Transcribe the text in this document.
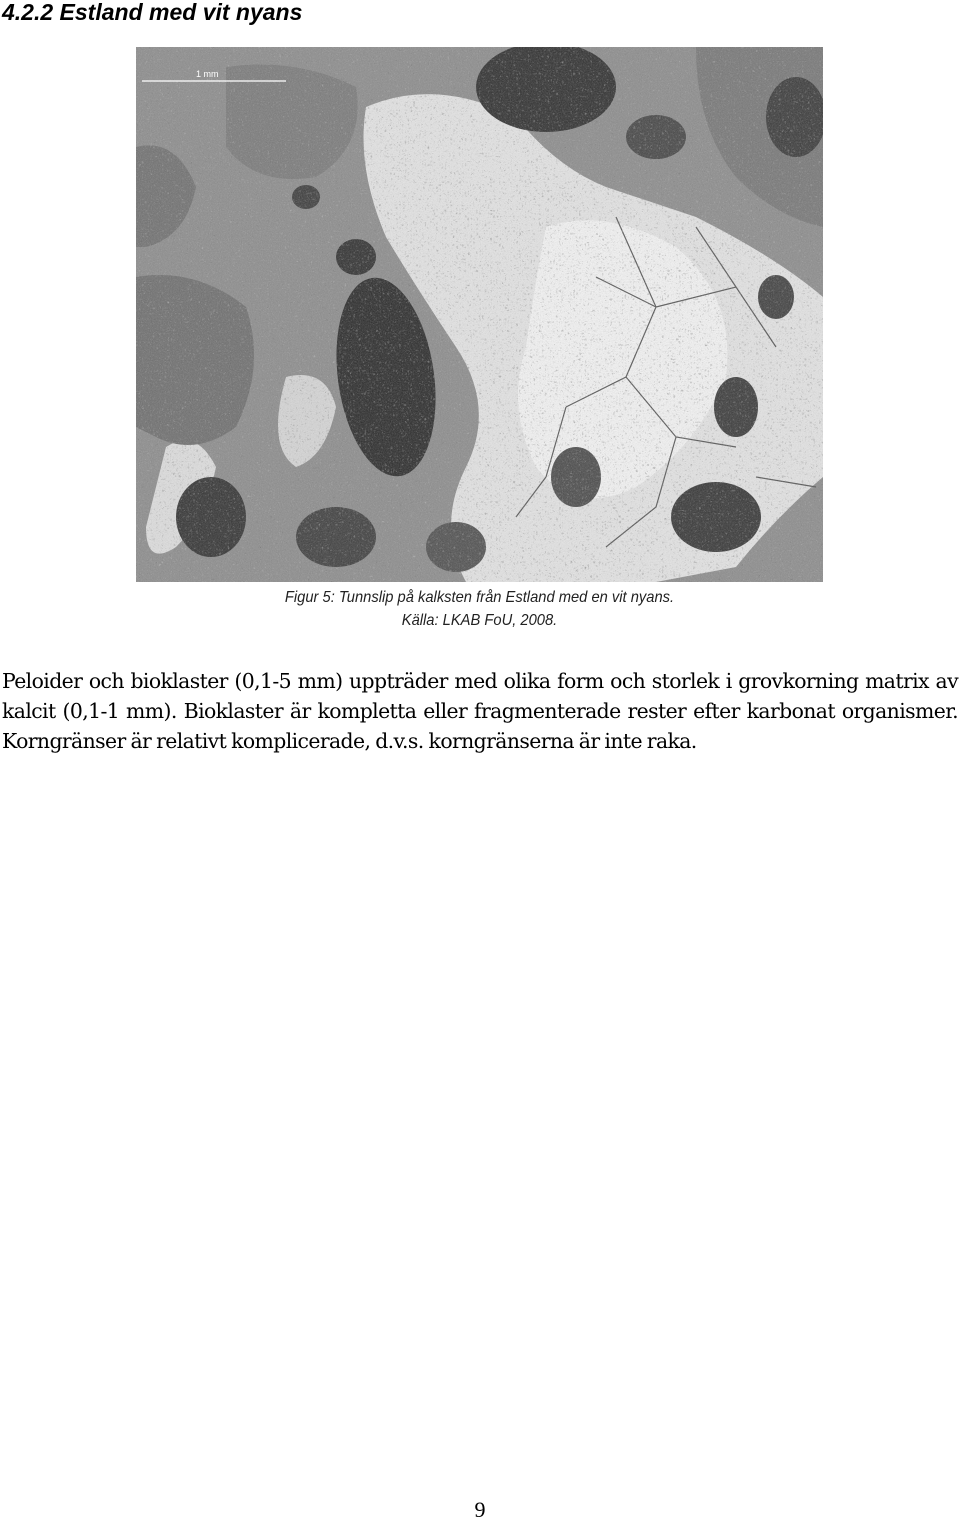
4.2.2 Estland med vit nyans
1 mm
Figur 5: Tunnslip på kalksten från Estland med en vit nyans.
Källa: LKAB FoU, 2008.

Peloider och bioklaster (0,1-5 mm) uppträder med olika form och storlek i grovkorning matrix av kalcit (0,1-1 mm). Bioklaster är kompletta eller fragmenterade rester efter karbonat organismer. Korngränser är relativt komplicerade, d.v.s. korngränserna är inte raka.

9
